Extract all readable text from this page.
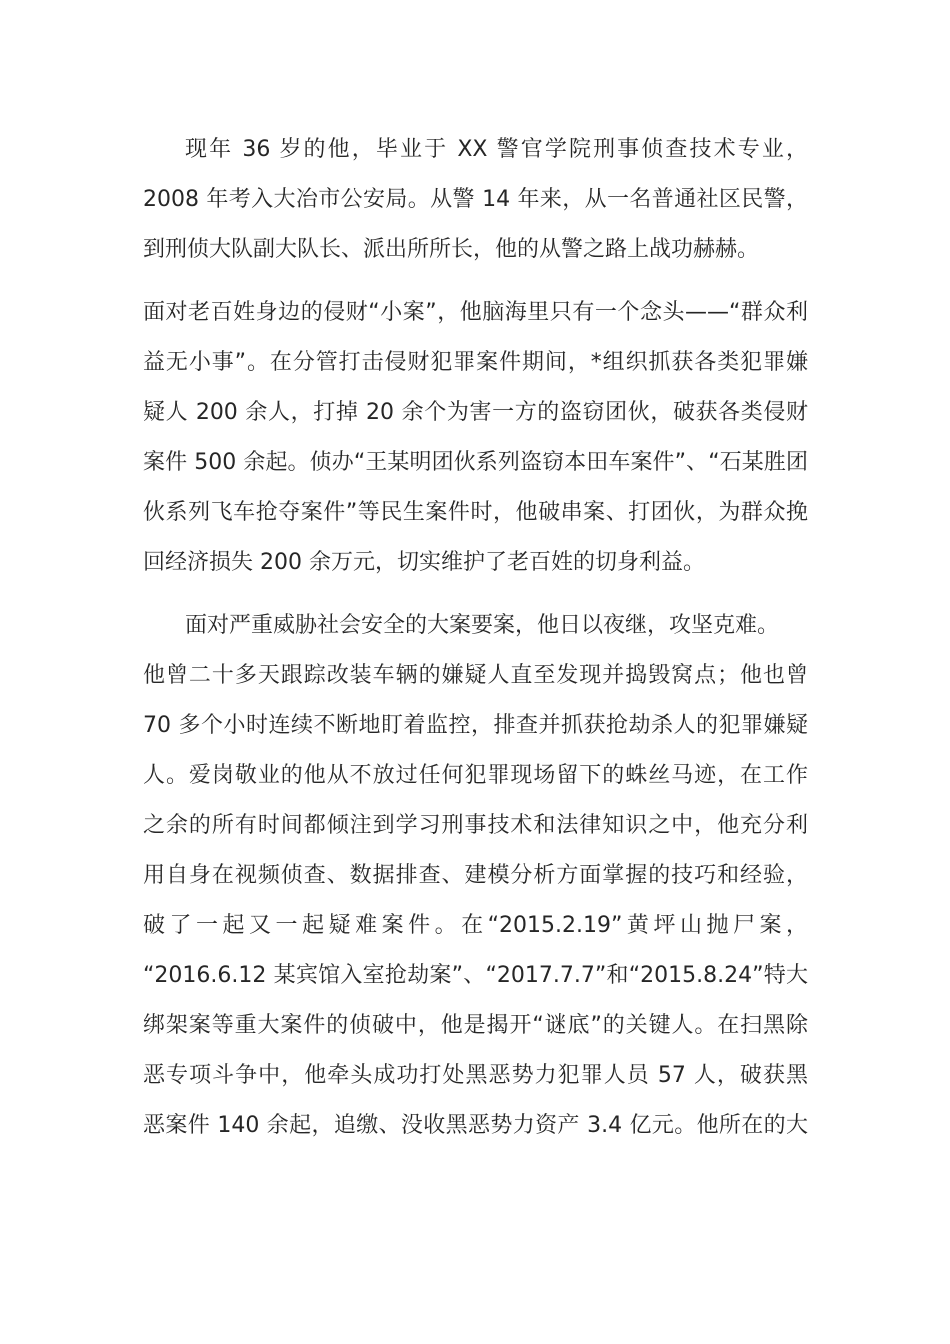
现年 36 岁的他，毕业于 XX 警官学院刑事侦查技术专业，
2008 年考入大冶市公安局。从警 14 年来，从一名普通社区民警，
到刑侦大队副大队长、派出所所长，他的从警之路上战功赫赫。
面对老百姓身边的侵财“小案”，他脑海里只有一个念头——“群众利
益无小事”。在分管打击侵财犯罪案件期间，*组织抓获各类犯罪嫌
疑人 200 余人，打掉 20 余个为害一方的盗窃团伙，破获各类侵财
案件 500 余起。侦办“王某明团伙系列盗窃本田车案件”、“石某胜团
伙系列飞车抢夺案件”等民生案件时，他破串案、打团伙，为群众挽
回经济损失 200 余万元，切实维护了老百姓的切身利益。
面对严重威胁社会安全的大案要案，他日以夜继，攻坚克难。
他曾二十多天跟踪改装车辆的嫌疑人直至发现并捣毁窝点；他也曾
70 多个小时连续不断地盯着监控，排查并抓获抢劫杀人的犯罪嫌疑
人。爱岗敬业的他从不放过任何犯罪现场留下的蛛丝马迹，在工作
之余的所有时间都倾注到学习刑事技术和法律知识之中，他充分利
用自身在视频侦查、数据排查、建模分析方面掌握的技巧和经验，
破了一起又一起疑难案件。在“2015.2.19”黄坪山抛尸案，
“2016.6.12 某宾馆入室抢劫案”、“2017.7.7”和“2015.8.24”特大
绑架案等重大案件的侦破中，他是揭开“谜底”的关键人。在扫黑除
恶专项斗争中，他牵头成功打处黑恶势力犯罪人员 57 人，破获黑
恶案件 140 余起，追缴、没收黑恶势力资产 3.4 亿元。他所在的大
